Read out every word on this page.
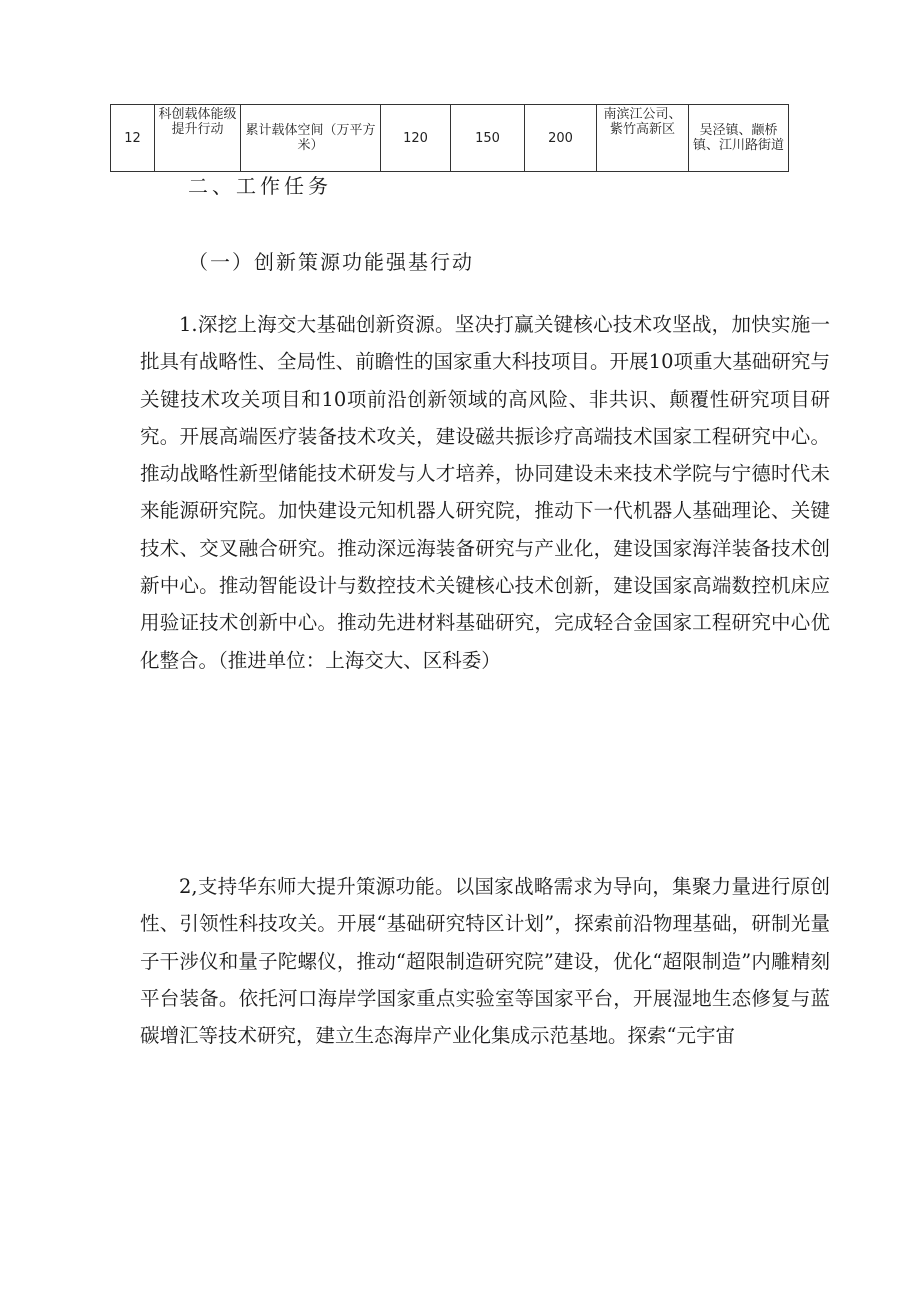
12	科创载体能级提升行动	累计载体空间（万平方米）	120	150	200	南滨江公司、紫竹高新区	吴泾镇、颛桥镇、江川路街道
二、工作任务
（一）创新策源功能强基行动

1.深挖上海交大基础创新资源。坚决打赢关键核心技术攻坚战，加快实施一批具有战略性、全局性、前瞻性的国家重大科技项目。开展10项重大基础研究与关键技术攻关项目和10项前沿创新领域的高风险、非共识、颠覆性研究项目研究。开展高端医疗装备技术攻关，建设磁共振诊疗高端技术国家工程研究中心。推动战略性新型储能技术研发与人才培养，协同建设未来技术学院与宁德时代未来能源研究院。加快建设元知机器人研究院，推动下一代机器人基础理论、关键技术、交叉融合研究。推动深远海装备研究与产业化，建设国家海洋装备技术创新中心。推动智能设计与数控技术关键核心技术创新，建设国家高端数控机床应用验证技术创新中心。推动先进材料基础研究，完成轻合金国家工程研究中心优化整合。（推进单位：上海交大、区科委）

2,支持华东师大提升策源功能。以国家战略需求为导向，集聚力量进行原创性、引领性科技攻关。开展“基础研究特区计划”，探索前沿物理基础，研制光量子干涉仪和量子陀螺仪，推动“超限制造研究院”建设，优化“超限制造”内雕精刻平台装备。依托河口海岸学国家重点实验室等国家平台，开展湿地生态修复与蓝碳增汇等技术研究，建立生态海岸产业化集成示范基地。探索“元宇宙
